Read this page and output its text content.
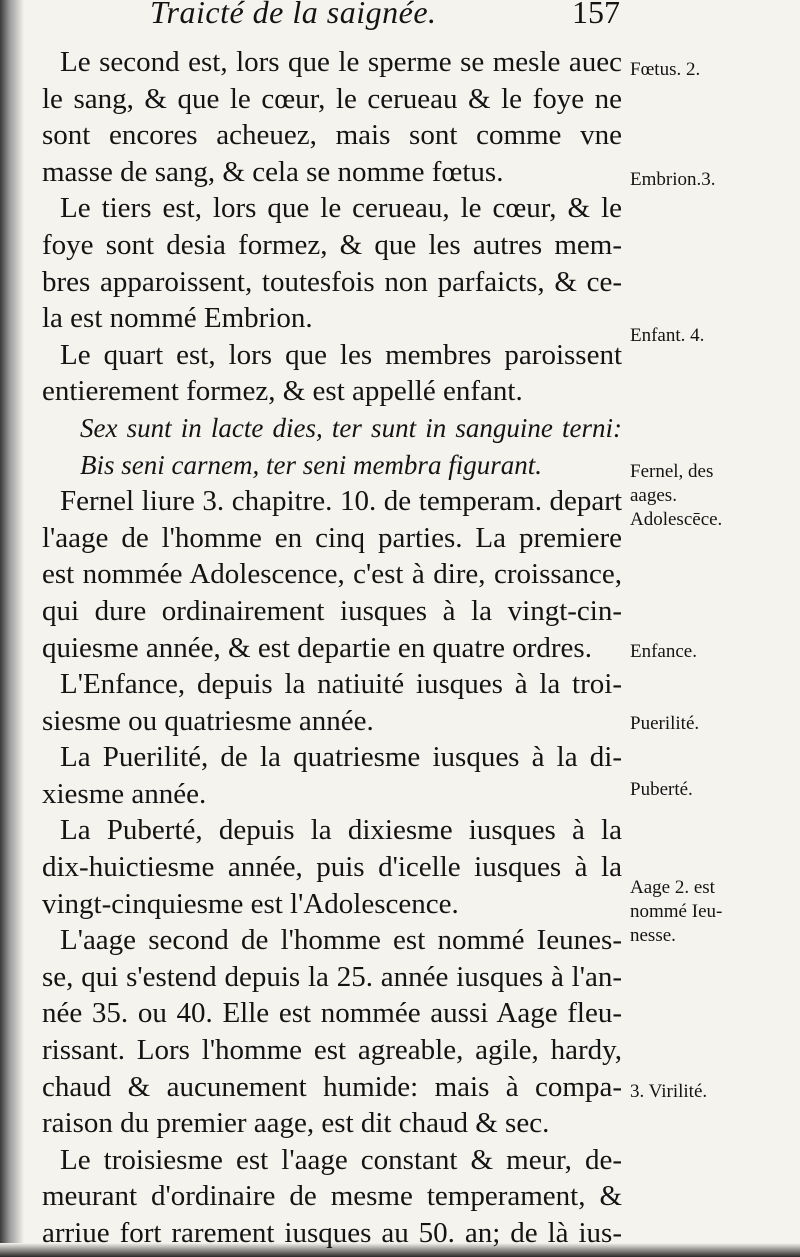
Traicté de la saignée.	157
Le second est, lors que le sperme se mesle auec
le sang, & que le cœur, le cerueau & le foye ne
sont encores acheuez, mais sont comme vne
masse de sang, & cela se nomme fœtus.
Le tiers est, lors que le cerueau, le cœur, & le
foye sont desia formez, & que les autres mem-
bres apparoissent, toutesfois non parfaicts, & ce-
la est nommé Embrion.
Le quart est, lors que les membres paroissent
entierement formez, & est appellé enfant.
Sex sunt in lacte dies, ter sunt in sanguine terni:
Bis seni carnem, ter seni membra figurant.
Fernel liure 3. chapitre. 10. de temperam. depart
l'aage de l'homme en cinq parties. La premiere
est nommée Adolescence, c'est à dire, croissance,
qui dure ordinairement iusques à la vingt-cin-
quiesme année, & est departie en quatre ordres.
L'Enfance, depuis la natiuité iusques à la troi-
siesme ou quatriesme année.
La Puerilité, de la quatriesme iusques à la di-
xiesme année.
La Puberté, depuis la dixiesme iusques à la
dix-huictiesme année, puis d'icelle iusques à la
vingt-cinquiesme est l'Adolescence.
L'aage second de l'homme est nommé Ieunes-
se, qui s'estend depuis la 25. année iusques à l'an-
née 35. ou 40. Elle est nommée aussi Aage fleu-
rissant. Lors l'homme est agreable, agile, hardy,
chaud & aucunement humide: mais à compa-
raison du premier aage, est dit chaud & sec.
Le troisiesme est l'aage constant & meur, de-
meurant d'ordinaire de mesme temperament, &
arriue fort rarement iusques au 50. an; de là ius-
Fœtus. 2.
Embrion.3.
Enfant. 4.
Fernel, des
aages.
Adolescēce.
Enfance.
Puerilité.
Puberté.
Aage 2. est
nommé Ieu-
nesse.
3. Virilité.
